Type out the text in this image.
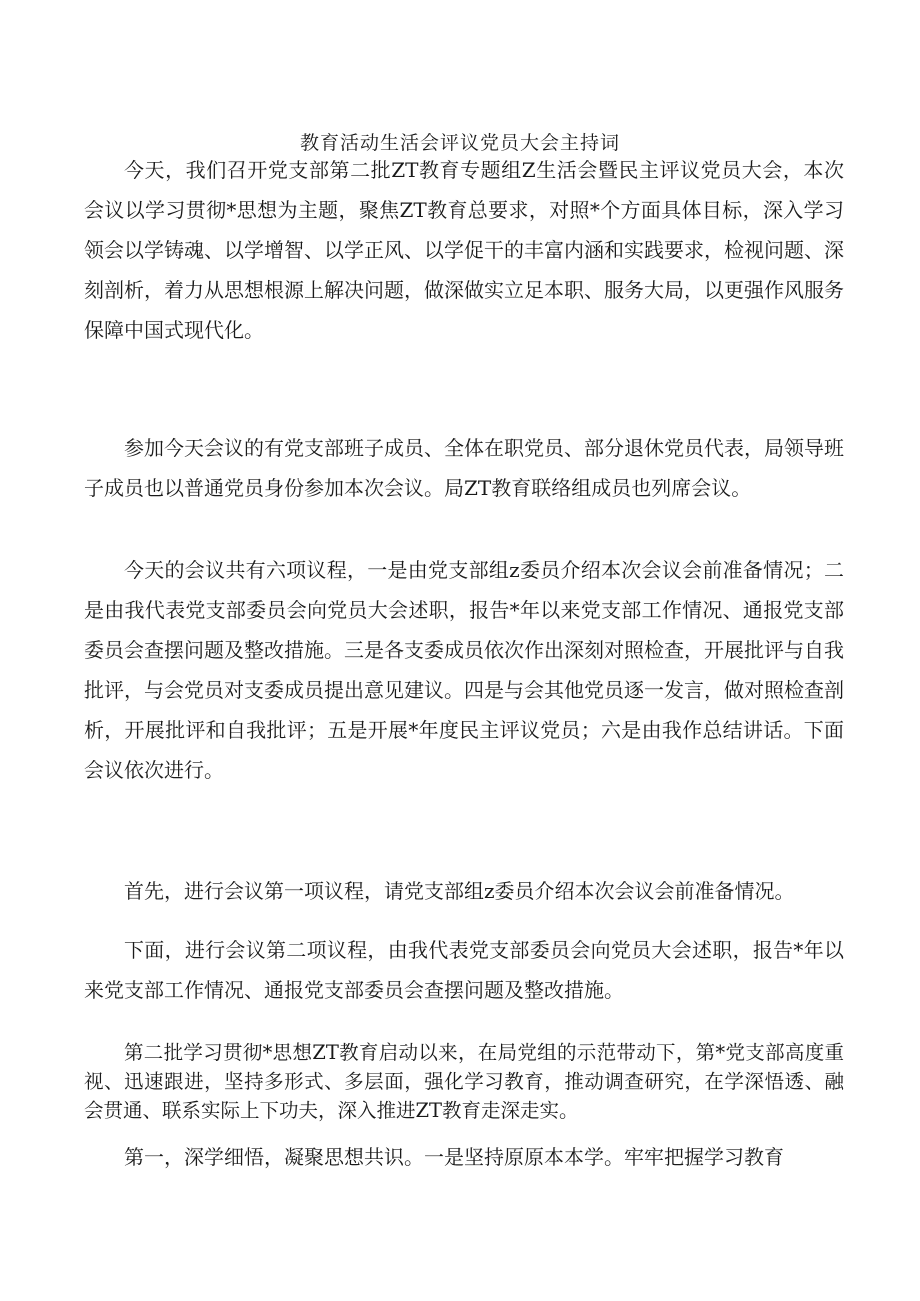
教育活动生活会评议党员大会主持词

今天，我们召开党支部第二批ZT教育专题组Z生活会暨民主评议党员大会，本次会议以学习贯彻*思想为主题，聚焦ZT教育总要求，对照*个方面具体目标，深入学习领会以学铸魂、以学增智、以学正风、以学促干的丰富内涵和实践要求，检视问题、深刻剖析，着力从思想根源上解决问题，做深做实立足本职、服务大局，以更强作风服务保障中国式现代化。

参加今天会议的有党支部班子成员、全体在职党员、部分退休党员代表，局领导班子成员也以普通党员身份参加本次会议。局ZT教育联络组成员也列席会议。

今天的会议共有六项议程，一是由党支部组z委员介绍本次会议会前准备情况；二是由我代表党支部委员会向党员大会述职，报告*年以来党支部工作情况、通报党支部委员会查摆问题及整改措施。三是各支委成员依次作出深刻对照检查，开展批评与自我批评，与会党员对支委成员提出意见建议。四是与会其他党员逐一发言，做对照检查剖析，开展批评和自我批评；五是开展*年度民主评议党员；六是由我作总结讲话。下面会议依次进行。

首先，进行会议第一项议程，请党支部组z委员介绍本次会议会前准备情况。

下面，进行会议第二项议程，由我代表党支部委员会向党员大会述职，报告*年以来党支部工作情况、通报党支部委员会查摆问题及整改措施。

第二批学习贯彻*思想ZT教育启动以来，在局党组的示范带动下，第*党支部高度重视、迅速跟进，坚持多形式、多层面，强化学习教育，推动调查研究，在学深悟透、融会贯通、联系实际上下功夫，深入推进ZT教育走深走实。

第一，深学细悟，凝聚思想共识。一是坚持原原本本学。牢牢把握学习教育
